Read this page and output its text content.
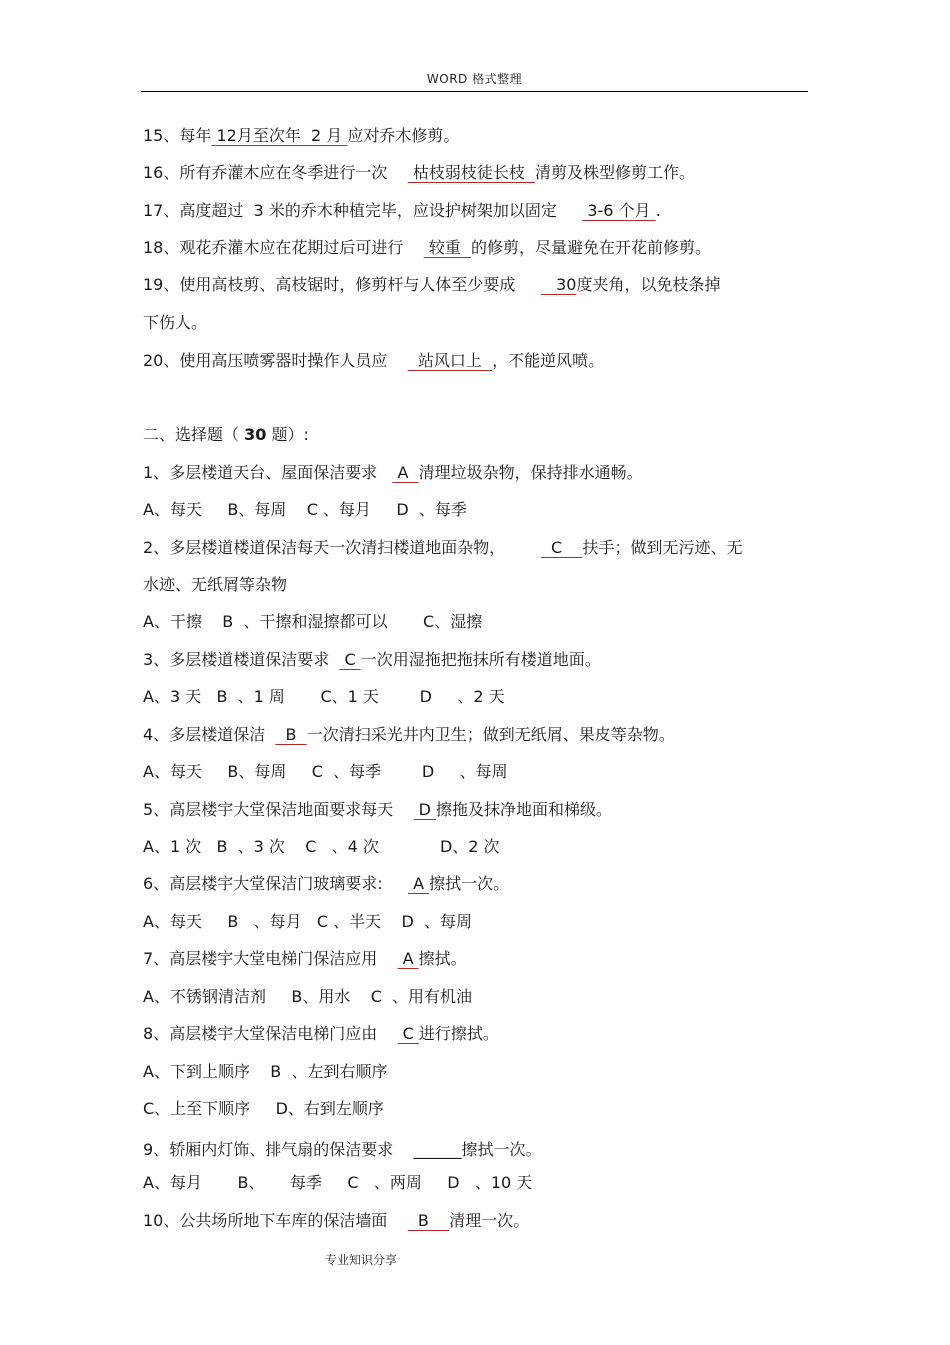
WORD 格式整理
15、每年 12月至次年  2 月 应对乔木修剪。
16、所有乔灌木应在冬季进行一次     枯枝弱枝徒长枝  清剪及株型修剪工作。
17、高度超过  3 米的乔木种植完毕，应设护树架加以固定      3-6 个月 .
18、观花乔灌木应在花期过后可进行     较重  的修剪，尽量避免在开花前修剪。
19、使用高枝剪、高枝锯时，修剪杆与人体至少要成        30度夹角，以免枝条掉
下伤人。
20、使用高压喷雾器时操作人员应      站风口上  ，不能逆风喷。
二、选择题（ 30 题）:
1、多层楼道天台、屋面保洁要求    A  清理垃圾杂物，保持排水通畅。
A、每天     B、每周    C 、每月     D  、每季
2、多层楼道楼道保洁每天一次清扫楼道地面杂物，         C    扶手；做到无污迹、无
水迹、无纸屑等杂物
A、干擦    B  、干擦和湿擦都可以       C、湿擦
3、多层楼道楼道保洁要求   C 一次用湿拖把拖抹所有楼道地面。
A、3 天   B  、1 周       C、1 天        D     、2 天
4、多层楼道保洁    B  一次清扫采光井内卫生；做到无纸屑、果皮等杂物。
A、每天     B、每周     C  、每季        D     、每周
5、高层楼宇大堂保洁地面要求每天     D 擦拖及抹净地面和梯级。
A、1 次   B  、3 次    C   、4 次            D、2 次
6、高层楼宇大堂保洁门玻璃要求:      A 擦拭一次。
A、每天     B   、每月   C 、半天    D  、每周
7、高层楼宇大堂电梯门保洁应用     A 擦拭。
A、不锈钢清洁剂     B、用水    C  、用有机油
8、高层楼宇大堂保洁电梯门应由     C 进行擦拭。
A、下到上顺序    B  、左到右顺序
C、上至下顺序     D、右到左顺序
9、轿厢内灯饰、排气扇的保洁要求    ______擦拭一次。
A、每月       B、     每季     C   、两周     D   、10 天
10、公共场所地下车库的保洁墙面      B    清理一次。
专业知识分享
